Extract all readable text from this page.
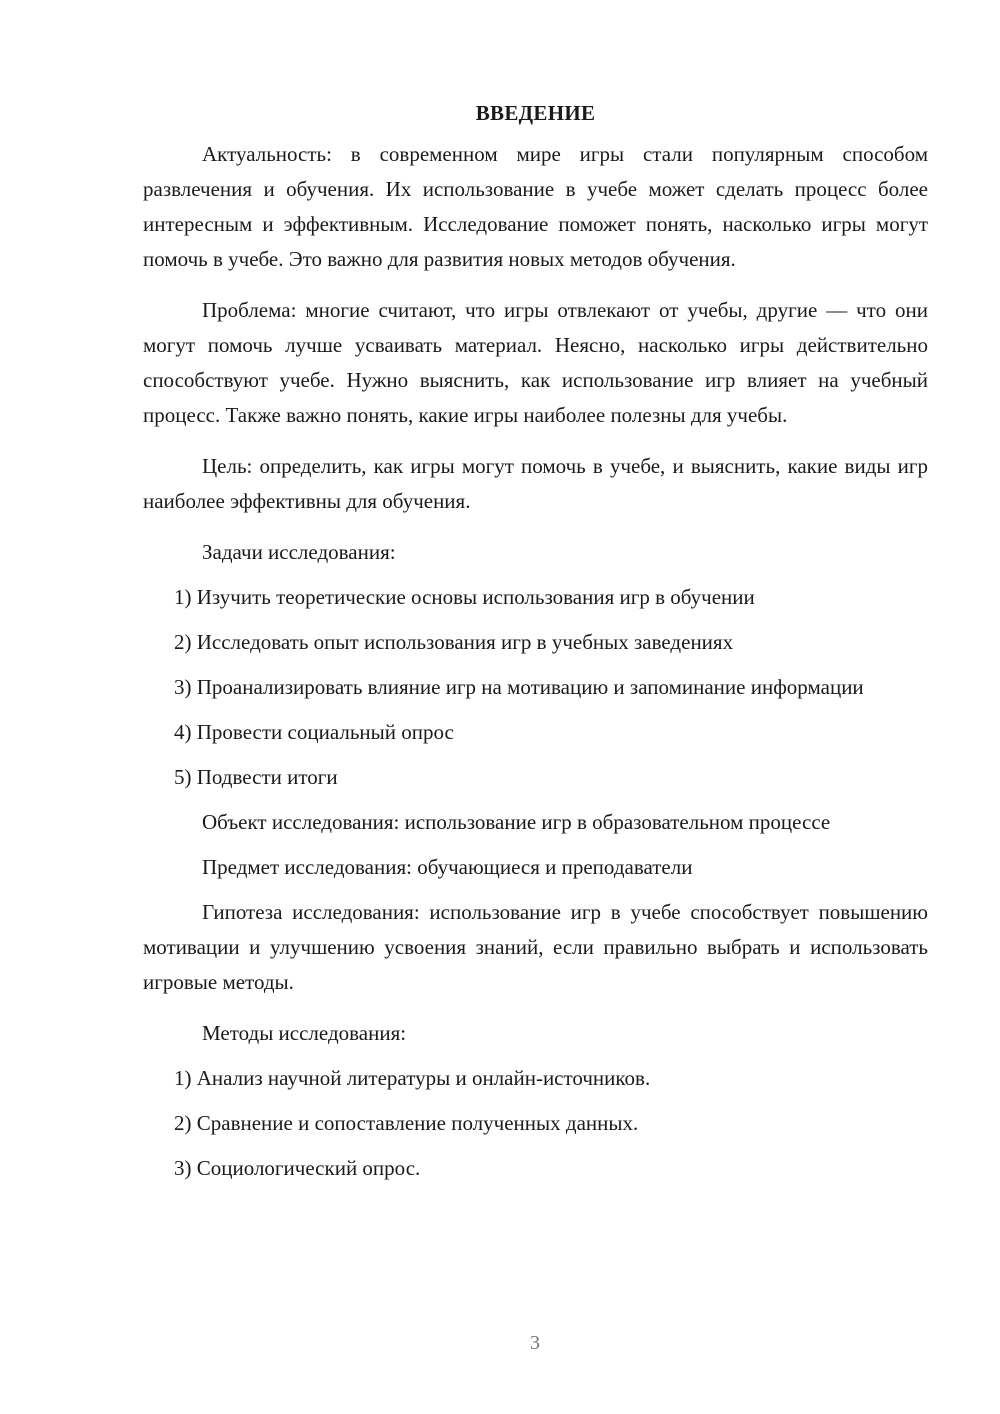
ВВЕДЕНИЕ

Актуальность: в современном мире игры стали популярным способом развлечения и обучения. Их использование в учебе может сделать процесс более интересным и эффективным. Исследование поможет понять, насколько игры могут помочь в учебе. Это важно для развития новых методов обучения.

Проблема: многие считают, что игры отвлекают от учебы, другие — что они могут помочь лучше усваивать материал. Неясно, насколько игры действительно способствуют учебе. Нужно выяснить, как использование игр влияет на учебный процесс. Также важно понять, какие игры наиболее полезны для учебы.

Цель: определить, как игры могут помочь в учебе, и выяснить, какие виды игр наиболее эффективны для обучения.

Задачи исследования:

1) Изучить теоретические основы использования игр в обучении

2) Исследовать опыт использования игр в учебных заведениях

3) Проанализировать влияние игр на мотивацию и запоминание информации

4) Провести социальный опрос

5) Подвести итоги

Объект исследования: использование игр в образовательном процессе

Предмет исследования: обучающиеся и преподаватели

Гипотеза исследования: использование игр в учебе способствует повышению мотивации и улучшению усвоения знаний, если правильно выбрать и использовать игровые методы.

Методы исследования:

1) Анализ научной литературы и онлайн-источников.

2) Сравнение и сопоставление полученных данных.

3) Социологический опрос.

3
